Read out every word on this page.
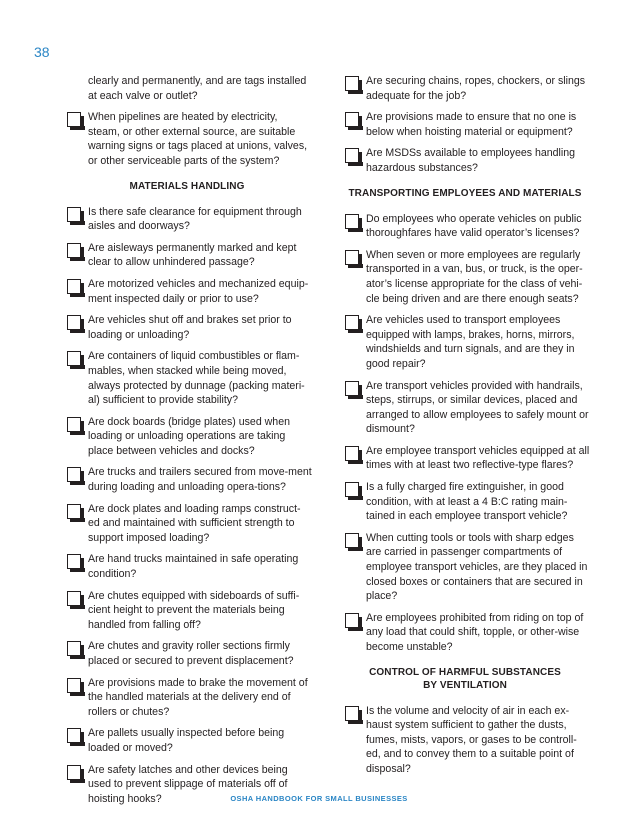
38
clearly and permanently, and are tags installed at each valve or outlet?
When pipelines are heated by electricity, steam, or other external source, are suitable warning signs or tags placed at unions, valves, or other serviceable parts of the system?
MATERIALS HANDLING
Is there safe clearance for equipment through aisles and doorways?
Are aisleways permanently marked and kept clear to allow unhindered passage?
Are motorized vehicles and mechanized equip-ment inspected daily or prior to use?
Are vehicles shut off and brakes set prior to loading or unloading?
Are containers of liquid combustibles or flam-mables, when stacked while being moved, always protected by dunnage (packing materi-al) sufficient to provide stability?
Are dock boards (bridge plates) used when loading or unloading operations are taking place between vehicles and docks?
Are trucks and trailers secured from move-ment during loading and unloading opera-tions?
Are dock plates and loading ramps construct-ed and maintained with sufficient strength to support imposed loading?
Are hand trucks maintained in safe operating condition?
Are chutes equipped with sideboards of suffi-cient height to prevent the materials being handled from falling off?
Are chutes and gravity roller sections firmly placed or secured to prevent displacement?
Are provisions made to brake the movement of the handled materials at the delivery end of rollers or chutes?
Are pallets usually inspected before being loaded or moved?
Are safety latches and other devices being used to prevent slippage of materials off of hoisting hooks?
Are securing chains, ropes, chockers, or slings adequate for the job?
Are provisions made to ensure that no one is below when hoisting material or equipment?
Are MSDSs available to employees handling hazardous substances?
TRANSPORTING EMPLOYEES AND MATERIALS
Do employees who operate vehicles on public thoroughfares have valid operator’s licenses?
When seven or more employees are regularly transported in a van, bus, or truck, is the oper-ator’s license appropriate for the class of vehi-cle being driven and are there enough seats?
Are vehicles used to transport employees equipped with lamps, brakes, horns, mirrors, windshields and turn signals, and are they in good repair?
Are transport vehicles provided with handrails, steps, stirrups, or similar devices, placed and arranged to allow employees to safely mount or dismount?
Are employee transport vehicles equipped at all times with at least two reflective-type flares?
Is a fully charged fire extinguisher, in good condition, with at least a 4 B:C rating main-tained in each employee transport vehicle?
When cutting tools or tools with sharp edges are carried in passenger compartments of employee transport vehicles, are they placed in closed boxes or containers that are secured in place?
Are employees prohibited from riding on top of any load that could shift, topple, or other-wise become unstable?
CONTROL OF HARMFUL SUBSTANCES
BY VENTILATION
Is the volume and velocity of air in each ex-haust system sufficient to gather the dusts, fumes, mists, vapors, or gases to be controll-ed, and to convey them to a suitable point of disposal?
OSHA HANDBOOK FOR SMALL BUSINESSES
